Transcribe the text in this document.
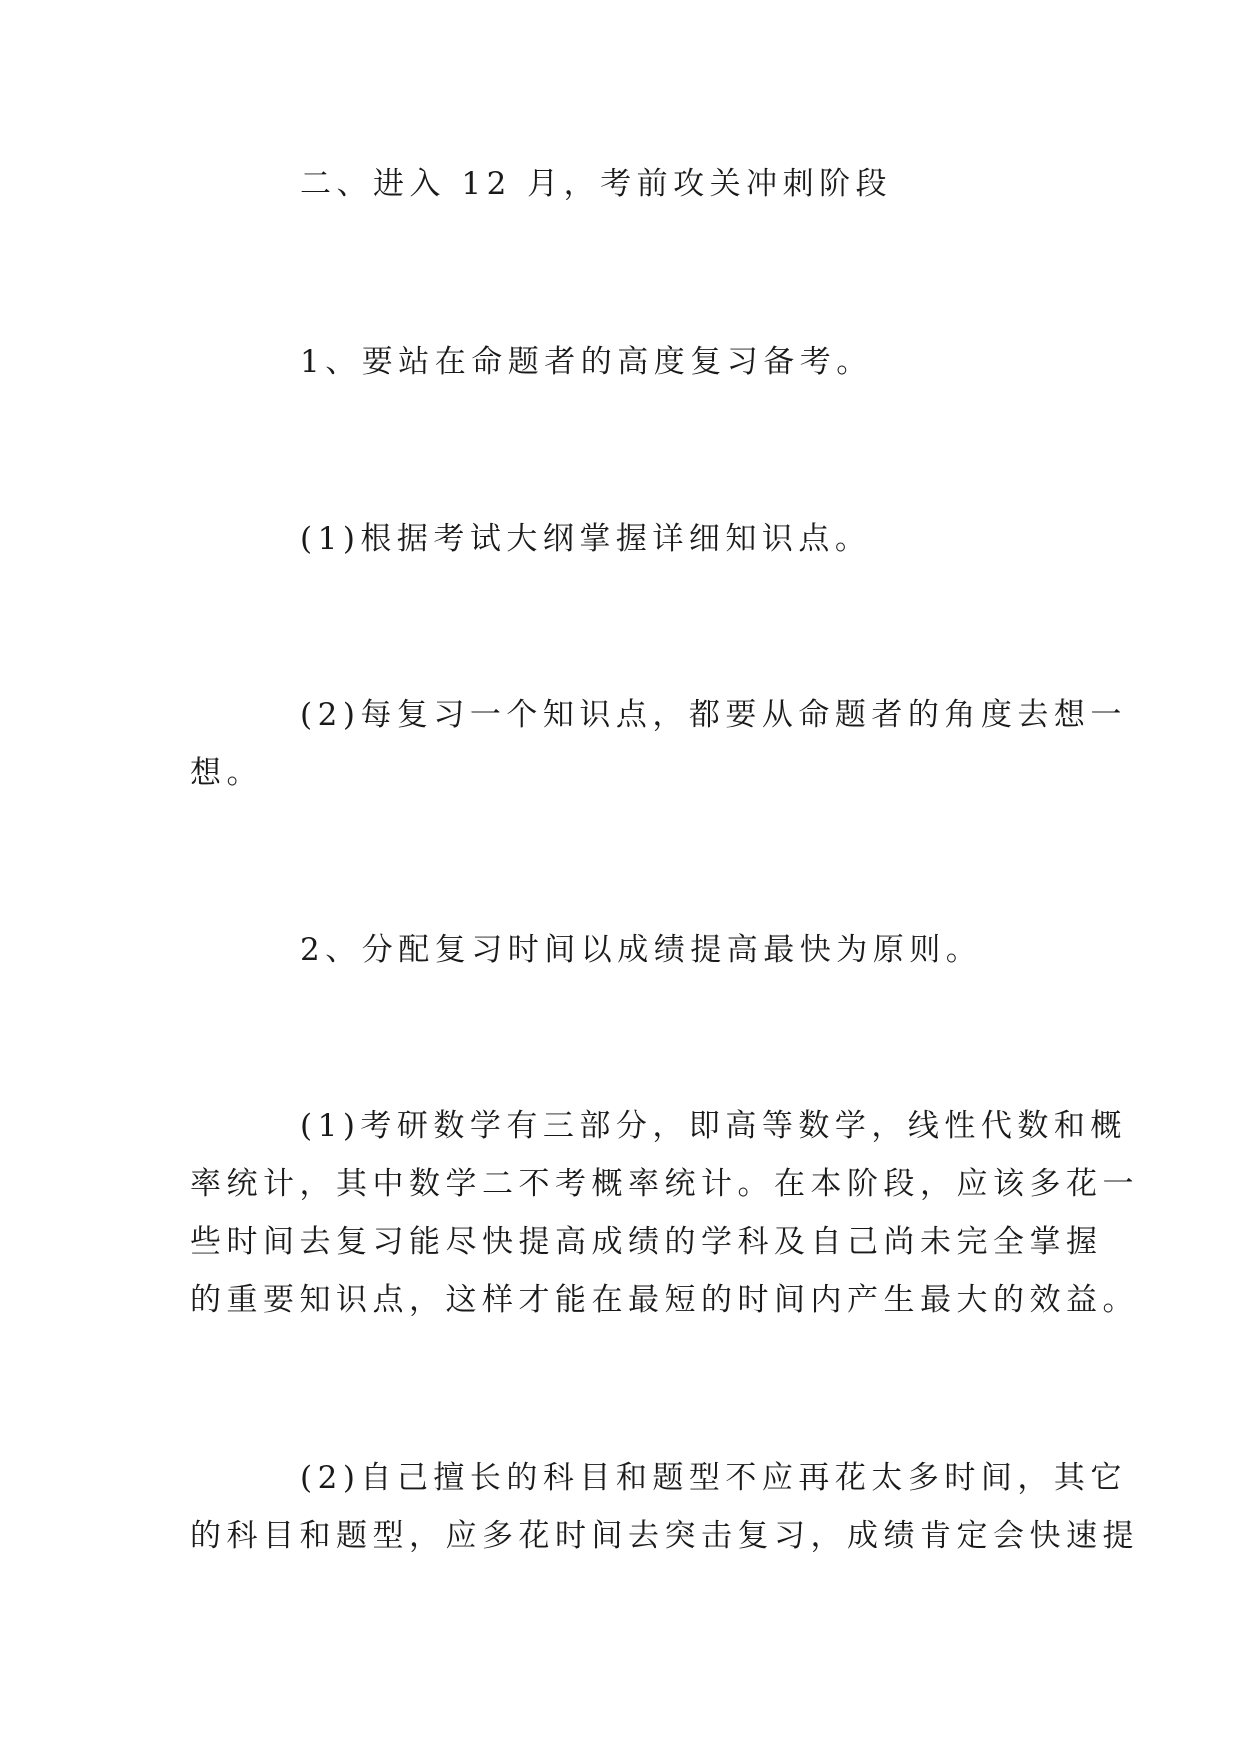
二、进入 12 月，考前攻关冲刺阶段
1、要站在命题者的高度复习备考。
(1)根据考试大纲掌握详细知识点。
(2)每复习一个知识点，都要从命题者的角度去想一
想。
2、分配复习时间以成绩提高最快为原则。
(1)考研数学有三部分，即高等数学，线性代数和概
率统计，其中数学二不考概率统计。在本阶段，应该多花一
些时间去复习能尽快提高成绩的学科及自己尚未完全掌握
的重要知识点，这样才能在最短的时间内产生最大的效益。
(2)自己擅长的科目和题型不应再花太多时间，其它
的科目和题型，应多花时间去突击复习，成绩肯定会快速提
